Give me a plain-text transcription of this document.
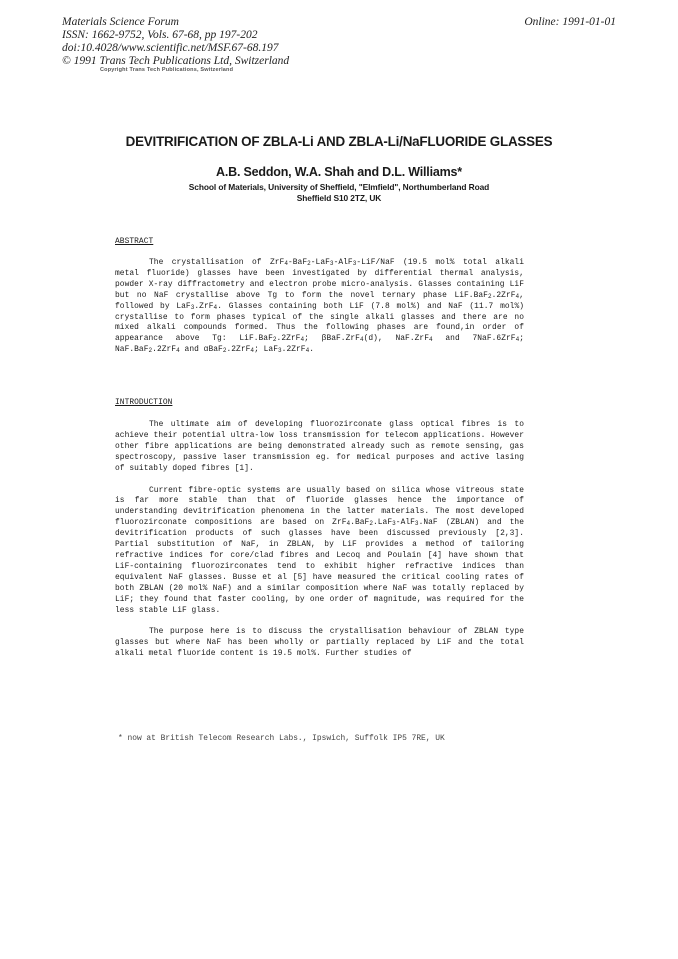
Materials Science Forum
ISSN: 1662-9752, Vols. 67-68, pp 197-202
doi:10.4028/www.scientific.net/MSF.67-68.197
© 1991 Trans Tech Publications Ltd, Switzerland
Online: 1991-01-01
Copyright Trans Tech Publications, Switzerland
DEVITRIFICATION OF ZBLA-Li AND ZBLA-Li/NaFLUORIDE GLASSES
A.B. Seddon, W.A. Shah and D.L. Williams*
School of Materials, University of Sheffield, "Elmfield", Northumberland Road
Sheffield S10 2TZ, UK
ABSTRACT

The crystallisation of ZrF$_4$-BaF$_2$-LaF$_3$-AlF$_3$-LiF/NaF (19.5 mol% total alkali metal fluoride) glasses have been investigated by differential thermal analysis, powder X-ray diffractometry and electron probe micro-analysis. Glasses containing LiF but no NaF crystallise above Tg to form the novel ternary phase LiF.BaF$_2$.2ZrF$_4$, followed by LaF$_3$.ZrF$_4$. Glasses containing both LiF (7.8 mol%) and NaF (11.7 mol%) crystallise to form phases typical of the single alkali glasses and there are no mixed alkali compounds formed. Thus the following phases are found,in order of appearance above Tg: LiF.BaF$_2$.2ZrF$_4$; βBaF.ZrF$_4$(d), NaF.ZrF$_4$ and 7NaF.6ZrF$_4$; NaF.BaF$_2$.2ZrF$_4$ and αBaF$_2$.2ZrF$_4$; LaF$_3$.2ZrF$_4$.

INTRODUCTION

The ultimate aim of developing fluorozirconate glass optical fibres is to achieve their potential ultra-low loss transmission for telecom applications. However other fibre applications are being demonstrated already such as remote sensing, gas spectroscopy, passive laser transmission eg. for medical purposes and active lasing of suitably doped fibres [1].

Current fibre-optic systems are usually based on silica whose vitreous state is far more stable than that of fluoride glasses hence the importance of understanding devitrification phenomena in the latter materials. The most developed fluorozirconate compositions are based on ZrF$_4$.BaF$_2$.LaF$_3$-AlF$_3$.NaF (ZBLAN) and the devitrification products of such glasses have been discussed previously [2,3]. Partial substitution of NaF, in ZBLAN, by LiF provides a method of tailoring refractive indices for core/clad fibres and Lecoq and Poulain [4] have shown that LiF-containing fluorozirconates tend to exhibit higher refractive indices than equivalent NaF glasses. Busse et al [5] have measured the critical cooling rates of both ZBLAN (20 mol% NaF) and a similar composition where NaF was totally replaced by LiF; they found that faster cooling, by one order of magnitude, was required for the less stable LiF glass.

The purpose here is to discuss the crystallisation behaviour of ZBLAN type glasses but where NaF has been wholly or partially replaced by LiF and the total alkali metal fluoride content is 19.5 mol%. Further studies of

* now at British Telecom Research Labs., Ipswich, Suffolk IP5 7RE, UK
